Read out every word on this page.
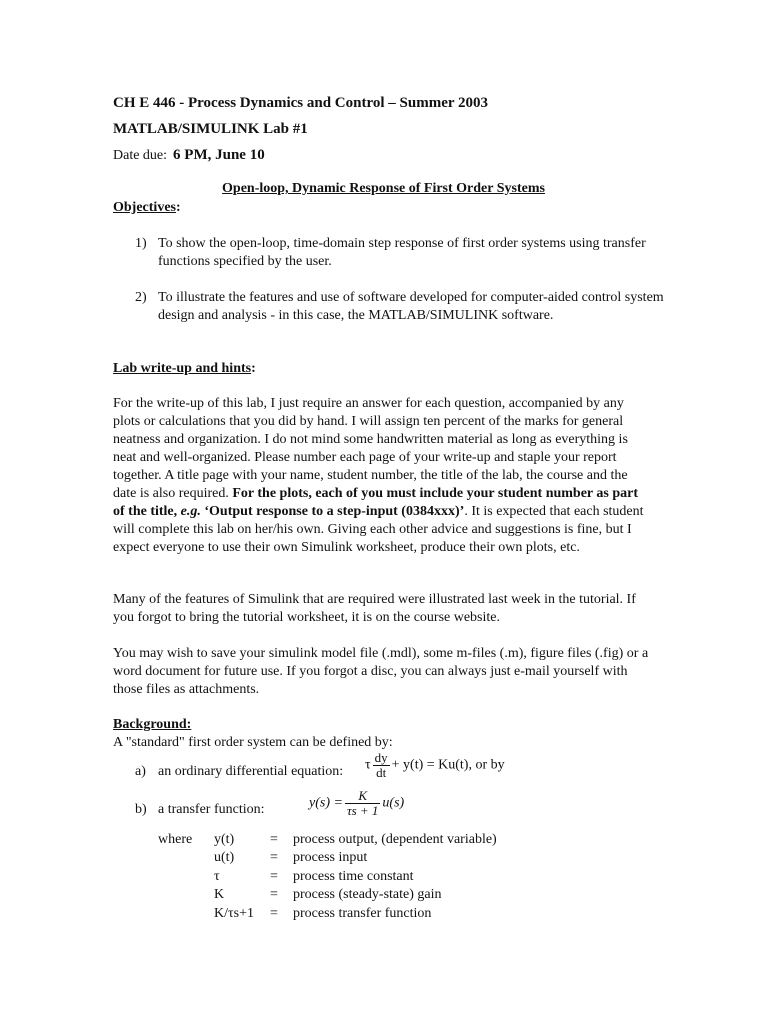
CH E 446 - Process Dynamics and Control – Summer 2003
MATLAB/SIMULINK Lab #1
Date due: 6 PM, June 10
Open-loop, Dynamic Response of First Order Systems
Objectives:
1) To show the open-loop, time-domain step response of first order systems using transfer functions specified by the user.
2) To illustrate the features and use of software developed for computer-aided control system design and analysis - in this case, the MATLAB/SIMULINK software.
Lab write-up and hints:
For the write-up of this lab, I just require an answer for each question, accompanied by any plots or calculations that you did by hand. I will assign ten percent of the marks for general neatness and organization. I do not mind some handwritten material as long as everything is neat and well-organized. Please number each page of your write-up and staple your report together. A title page with your name, student number, the title of the lab, the course and the date is also required. For the plots, each of you must include your student number as part of the title, e.g. ‘Output response to a step-input (0384xxx)’. It is expected that each student will complete this lab on her/his own. Giving each other advice and suggestions is fine, but I expect everyone to use their own Simulink worksheet, produce their own plots, etc.
Many of the features of Simulink that are required were illustrated last week in the tutorial. If you forgot to bring the tutorial worksheet, it is on the course website.
You may wish to save your simulink model file (.mdl), some m-files (.m), figure files (.fig) or a word document for future use. If you forgot a disc, you can always just e-mail yourself with those files as attachments.
Background:
A "standard" first order system can be defined by:
a) an ordinary differential equation: τ $\frac{dy}{dt} + y(t) = Ku(t)$, or by
b) a transfer function:	$y(s) = \frac{K}{\tau s + 1} u(s)$
where y(t)	= process output, (dependent variable)
u(t)	= process input
τ	= process time constant
K	= process (steady-state) gain
K/τs+1 = process transfer function
